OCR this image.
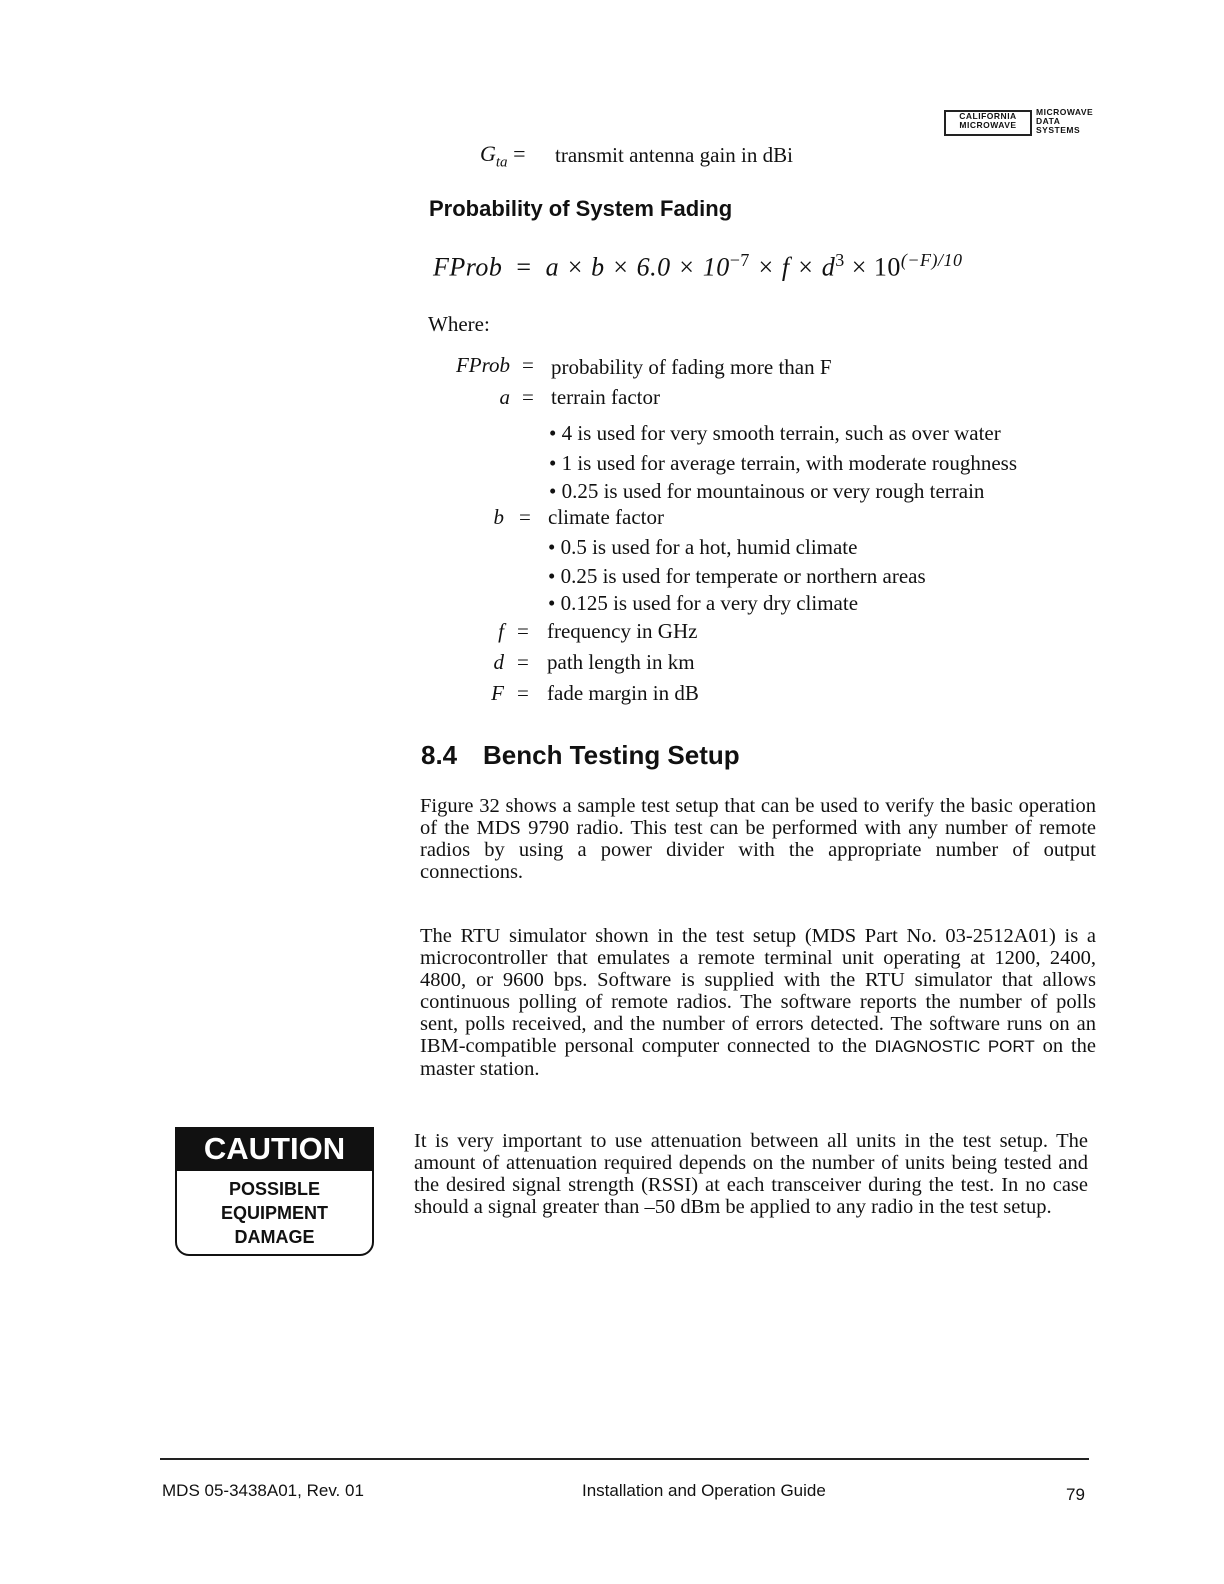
CALIFORNIA
MICROWAVE
MICROWAVE
DATA
SYSTEMS
$G_{ta}$ = transmit antenna gain in dBi
Probability of System Fading
FProb = $a \times b \times 6.0 \times 10^{-7} \times f \times d^3 \times 10^{(-F)/10}$
Where:
FProb = probability of fading more than F
a = terrain factor
• 4 is used for very smooth terrain, such as over water
• 1 is used for average terrain, with moderate roughness
• 0.25 is used for mountainous or very rough terrain
b = climate factor
• 0.5 is used for a hot, humid climate
• 0.25 is used for temperate or northern areas
• 0.125 is used for a very dry climate
f = frequency in GHz
d = path length in km
F = fade margin in dB
8.4 Bench Testing Setup
Figure 32 shows a sample test setup that can be used to verify the basic operation of the MDS 9790 radio. This test can be performed with any number of remote radios by using a power divider with the appropriate number of output connections.
The RTU simulator shown in the test setup (MDS Part No. 03-2512A01) is a microcontroller that emulates a remote terminal unit operating at 1200, 2400, 4800, or 9600 bps. Software is supplied with the RTU simulator that allows continuous polling of remote radios. The software reports the number of polls sent, polls received, and the number of errors detected. The software runs on an IBM-compatible personal computer connected to the DIAGNOSTIC PORT on the master station.
It is very important to use attenuation between all units in the test setup. The amount of attenuation required depends on the number of units being tested and the desired signal strength (RSSI) at each transceiver during the test. In no case should a signal greater than –50 dBm be applied to any radio in the test setup.
CAUTION
POSSIBLE
EQUIPMENT
DAMAGE
MDS 05-3438A01, Rev. 01	Installation and Operation Guide	79
